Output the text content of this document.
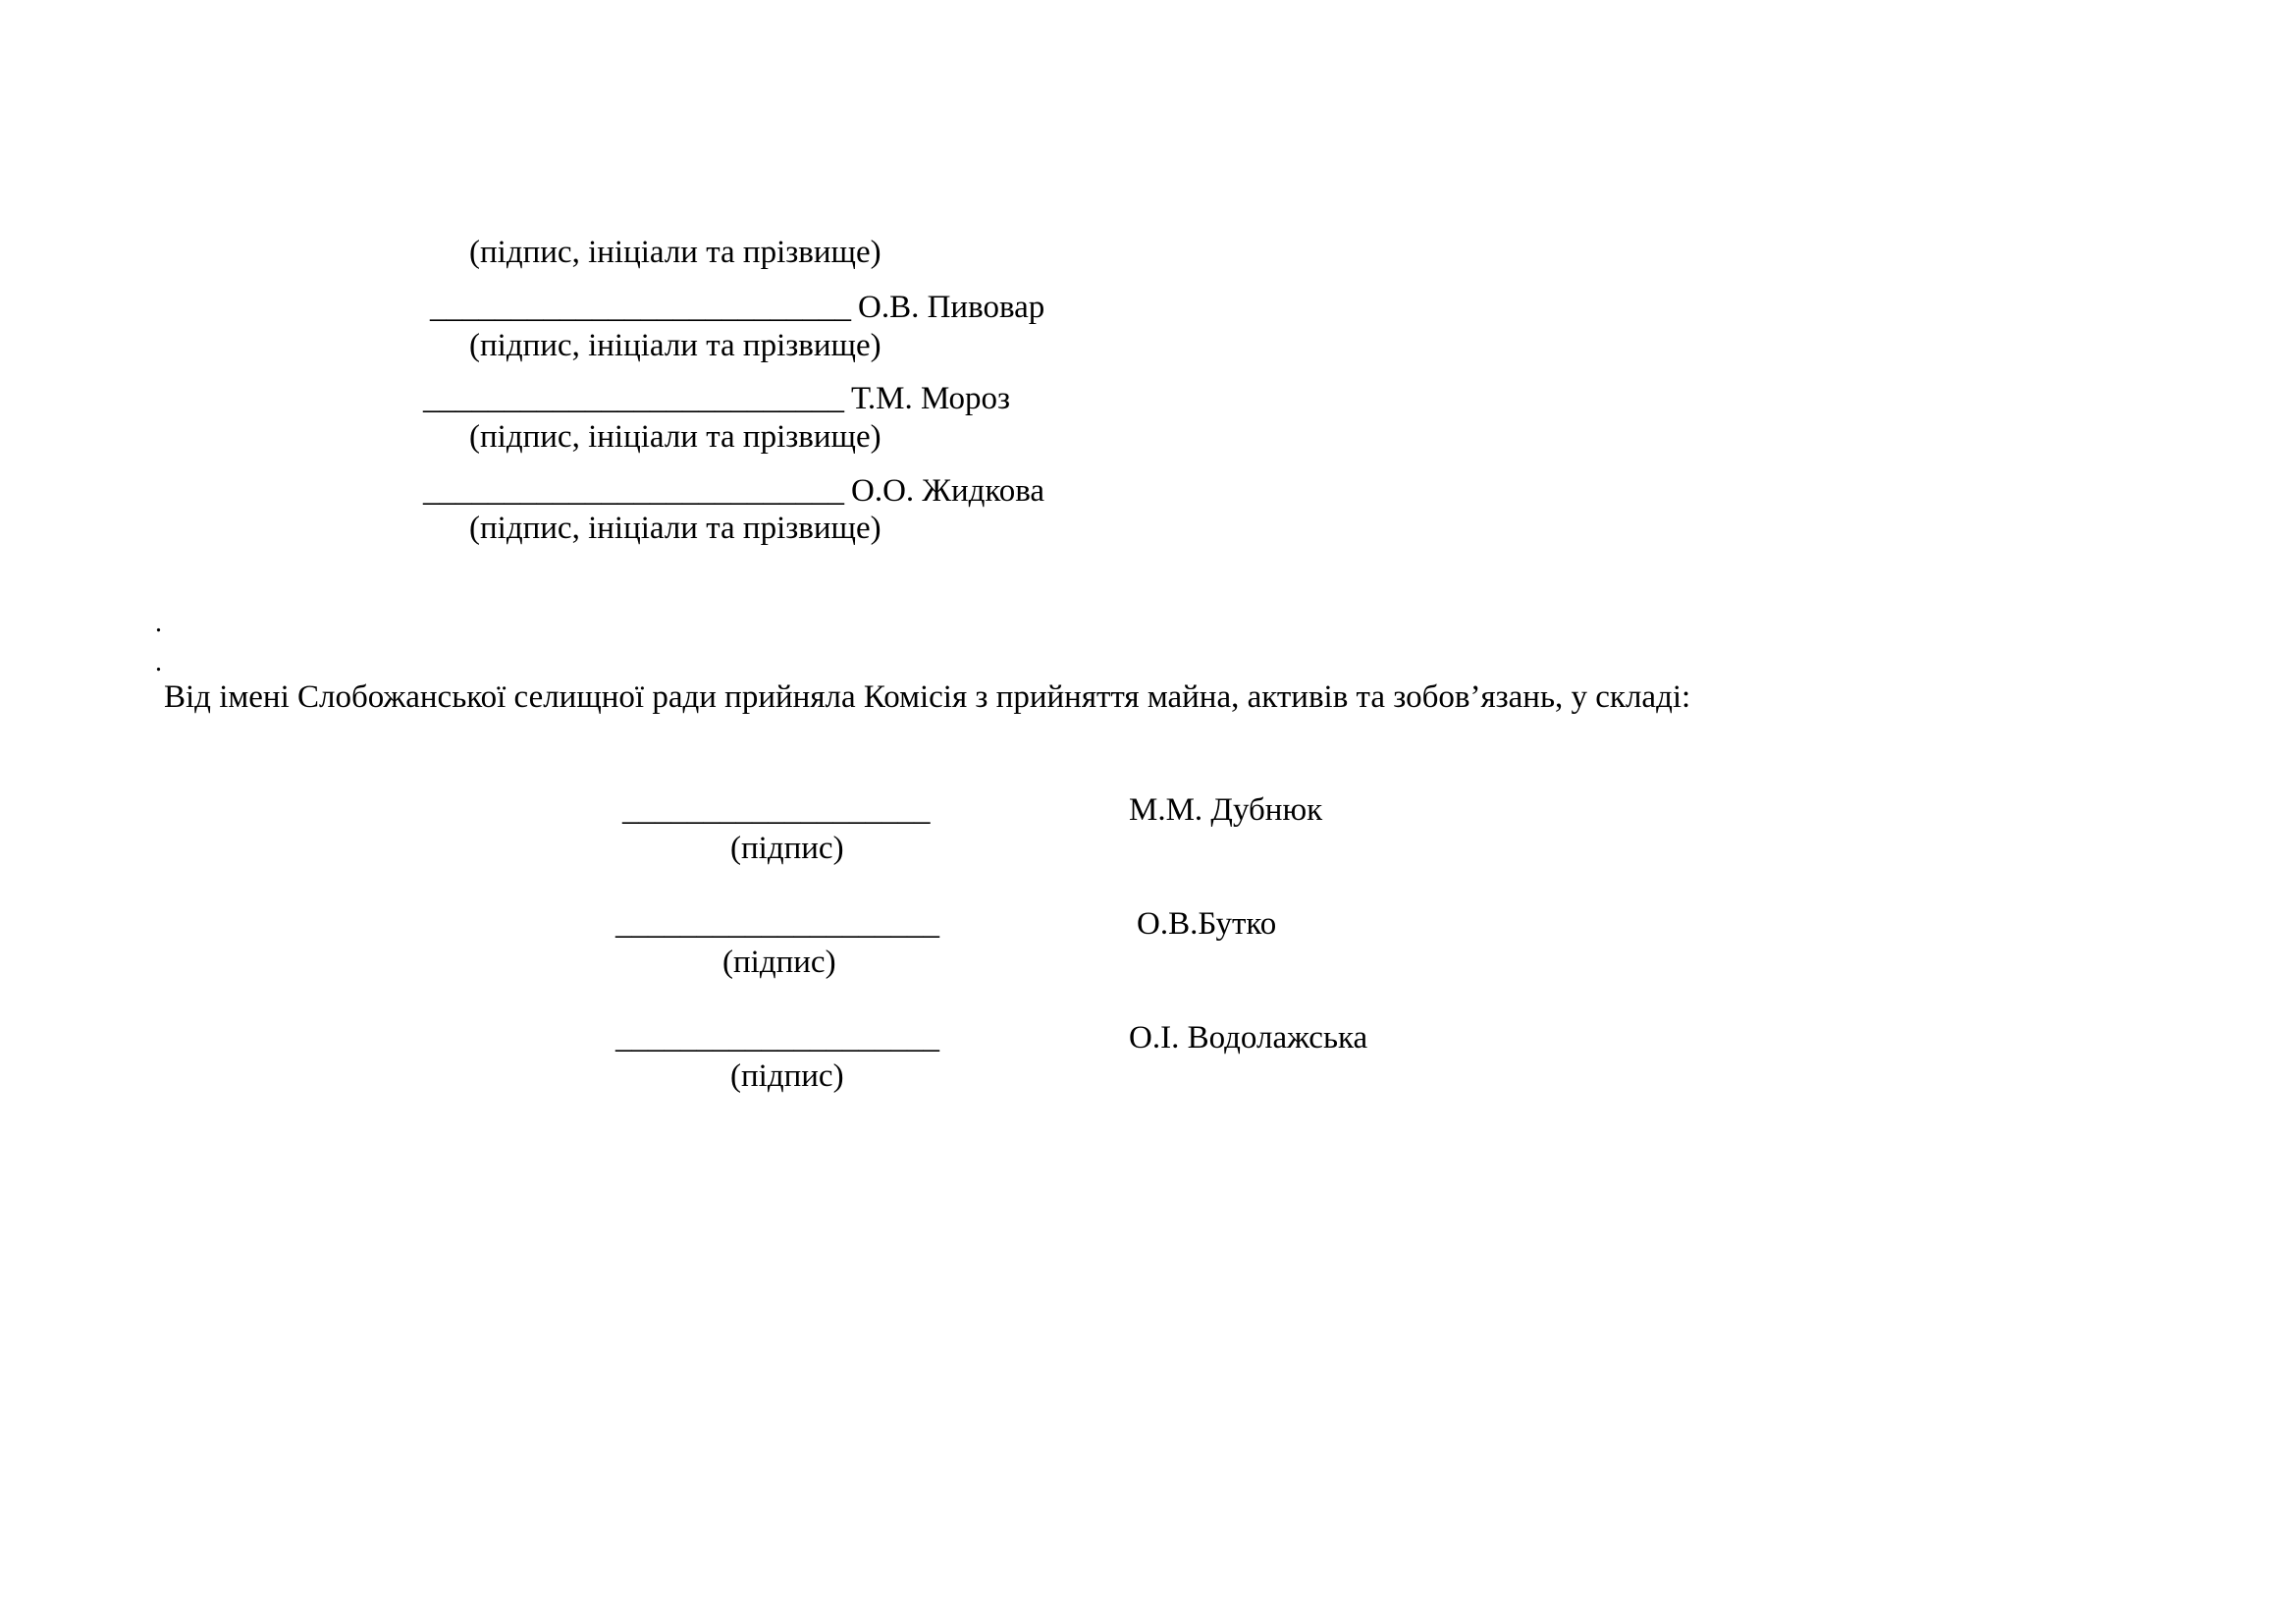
(підпис, ініціали та прізвище)
__________________________ О.В. Пивовар
(підпис, ініціали та прізвище)
__________________________ Т.М. Мороз
(підпис, ініціали та прізвище)
__________________________ О.О. Жидкова
(підпис, ініціали та прізвище)
.
.
Від імені Слобожанської селищної ради прийняла Комісія з прийняття майна, активів та зобов’язань, у складі:
___________________	М.М. Дубнюк
(підпис)
____________________	О.В.Бутко
(підпис)
____________________	О.І. Водолажська
(підпис)
